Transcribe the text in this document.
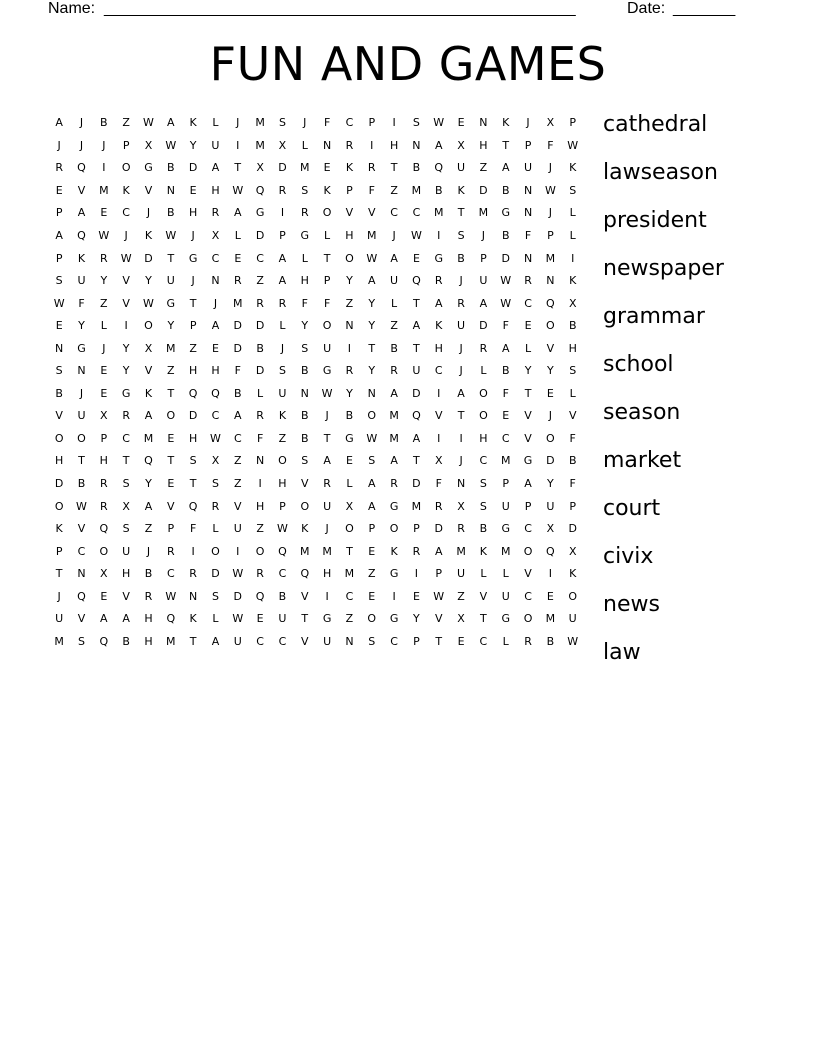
Name: _____________________________________________________	Date: _______
FUN AND GAMES
A	J	B	Z	W	A	K	L	J	M	S	J	F	C	P	I	S	W	E	N	K	J	X	P
J	J	J	P	X	W	Y	U	I	M	X	L	N	R	I	H	N	A	X	H	T	P	F	W
R	Q	I	O	G	B	D	A	T	X	D	M	E	K	R	T	B	Q	U	Z	A	U	J	K
E	V	M	K	V	N	E	H	W	Q	R	S	K	P	F	Z	M	B	K	D	B	N	W	S
P	A	E	C	J	B	H	R	A	G	I	R	O	V	V	C	C	M	T	M	G	N	J	L
A	Q	W	J	K	W	J	X	L	D	P	G	L	H	M	J	W	I	S	J	B	F	P	L
P	K	R	W	D	T	G	C	E	C	A	L	T	O	W	A	E	G	B	P	D	N	M	I
S	U	Y	V	Y	U	J	N	R	Z	A	H	P	Y	A	U	Q	R	J	U	W	R	N	K
W	F	Z	V	W	G	T	J	M	R	R	F	F	Z	Y	L	T	A	R	A	W	C	Q	X
E	Y	L	I	O	Y	P	A	D	D	L	Y	O	N	Y	Z	A	K	U	D	F	E	O	B
N	G	J	Y	X	M	Z	E	D	B	J	S	U	I	T	B	T	H	J	R	A	L	V	H
S	N	E	Y	V	Z	H	H	F	D	S	B	G	R	Y	R	U	C	J	L	B	Y	Y	S
B	J	E	G	K	T	Q	Q	B	L	U	N	W	Y	N	A	D	I	A	O	F	T	E	L
V	U	X	R	A	O	D	C	A	R	K	B	J	B	O	M	Q	V	T	O	E	V	J	V
O	O	P	C	M	E	H	W	C	F	Z	B	T	G	W	M	A	I	I	H	C	V	O	F
H	T	H	T	Q	T	S	X	Z	N	O	S	A	E	S	A	T	X	J	C	M	G	D	B
D	B	R	S	Y	E	T	S	Z	I	H	V	R	L	A	R	D	F	N	S	P	A	Y	F
O	W	R	X	A	V	Q	R	V	H	P	O	U	X	A	G	M	R	X	S	U	P	U	P
K	V	Q	S	Z	P	F	L	U	Z	W	K	J	O	P	O	P	D	R	B	G	C	X	D
P	C	O	U	J	R	I	O	I	O	Q	M	M	T	E	K	R	A	M	K	M	O	Q	X
T	N	X	H	B	C	R	D	W	R	C	Q	H	M	Z	G	I	P	U	L	L	V	I	K
J	Q	E	V	R	W	N	S	D	Q	B	V	I	C	E	I	E	W	Z	V	U	C	E	O
U	V	A	A	H	Q	K	L	W	E	U	T	G	Z	O	G	Y	V	X	T	G	O	M	U
M	S	Q	B	H	M	T	A	U	C	C	V	U	N	S	C	P	T	E	C	L	R	B	W
cathedral
lawseason
president
newspaper
grammar
school
season
market
court
civix
news
law
